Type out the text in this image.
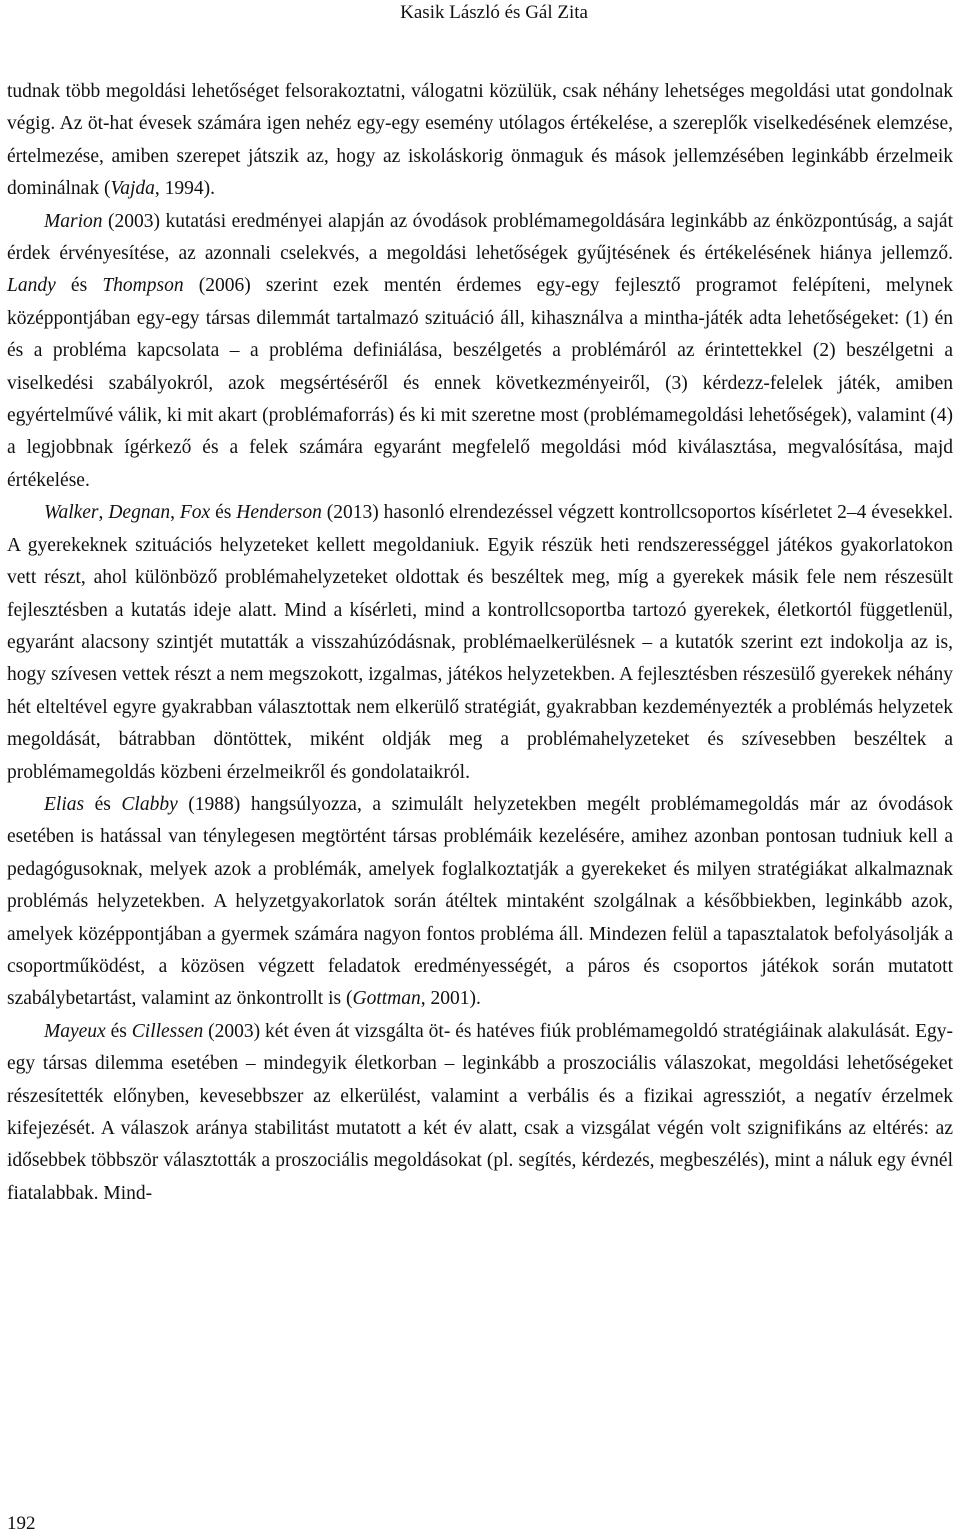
Kasik László és Gál Zita

tudnak több megoldási lehetőséget felsorakoztatni, válogatni közülük, csak néhány lehetséges megoldási utat gondolnak végig. Az öt-hat évesek számára igen nehéz egy-egy esemény utólagos értékelése, a szereplők viselkedésének elemzése, értelmezése, amiben szerepet játszik az, hogy az iskoláskorig önmaguk és mások jellemzésében leginkább érzelmeik dominálnak (Vajda, 1994).

Marion (2003) kutatási eredményei alapján az óvodások problémamegoldására leginkább az énközpontúság, a saját érdek érvényesítése, az azonnali cselekvés, a megoldási lehetőségek gyűjtésének és értékelésének hiánya jellemző. Landy és Thompson (2006) szerint ezek mentén érdemes egy-egy fejlesztő programot felépíteni, melynek középpontjában egy-egy társas dilemmát tartalmazó szituáció áll, kihasználva a mintha-játék adta lehetőségeket: (1) én és a probléma kapcsolata – a probléma definiálása, beszélgetés a problémáról az érintettekkel (2) beszélgetni a viselkedési szabályokról, azok megsértéséről és ennek következményeiről, (3) kérdezz-felelek játék, amiben egyértelművé válik, ki mit akart (problémaforrás) és ki mit szeretne most (problémamegoldási lehetőségek), valamint (4) a legjobbnak ígérkező és a felek számára egyaránt megfelelő megoldási mód kiválasztása, megvalósítása, majd értékelése.

Walker, Degnan, Fox és Henderson (2013) hasonló elrendezéssel végzett kontrollcsoportos kísérletet 2–4 évesekkel. A gyerekeknek szituációs helyzeteket kellett megoldaniuk. Egyik részük heti rendszerességgel játékos gyakorlatokon vett részt, ahol különböző problémahelyzeteket oldottak és beszéltek meg, míg a gyerekek másik fele nem részesült fejlesztésben a kutatás ideje alatt. Mind a kísérleti, mind a kontrollcsoportba tartozó gyerekek, életkortól függetlenül, egyaránt alacsony szintjét mutatták a visszahúzódásnak, problémaelkerülésnek – a kutatók szerint ezt indokolja az is, hogy szívesen vettek részt a nem megszokott, izgalmas, játékos helyzetekben. A fejlesztésben részesülő gyerekek néhány hét elteltével egyre gyakrabban választottak nem elkerülő stratégiát, gyakrabban kezdeményezték a problémás helyzetek megoldását, bátrabban döntöttek, miként oldják meg a problémahelyzeteket és szívesebben beszéltek a problémamegoldás közbeni érzelmeikről és gondolataikról.

Elias és Clabby (1988) hangsúlyozza, a szimulált helyzetekben megélt problémamegoldás már az óvodások esetében is hatással van ténylegesen megtörtént társas problémáik kezelésére, amihez azonban pontosan tudniuk kell a pedagógusoknak, melyek azok a problémák, amelyek foglalkoztatják a gyerekeket és milyen stratégiákat alkalmaznak problémás helyzetekben. A helyzetgyakorlatok során átéltek mintaként szolgálnak a későbbiekben, leginkább azok, amelyek középpontjában a gyermek számára nagyon fontos probléma áll. Mindezen felül a tapasztalatok befolyásolják a csoportműködést, a közösen végzett feladatok eredményességét, a páros és csoportos játékok során mutatott szabálybetartást, valamint az önkontrollt is (Gottman, 2001).

Mayeux és Cillessen (2003) két éven át vizsgálta öt- és hatéves fiúk problémamegoldó stratégiáinak alakulását. Egy-egy társas dilemma esetében – mindegyik életkorban – leginkább a proszociális válaszokat, megoldási lehetőségeket részesítették előnyben, kevesebbszer az elkerülést, valamint a verbális és a fizikai agressziót, a negatív érzelmek kifejezését. A válaszok aránya stabilitást mutatott a két év alatt, csak a vizsgálat végén volt szignifikáns az eltérés: az idősebbek többször választották a proszociális megoldásokat (pl. segítés, kérdezés, megbeszélés), mint a náluk egy évnél fiatalabbak. Mind-

192
